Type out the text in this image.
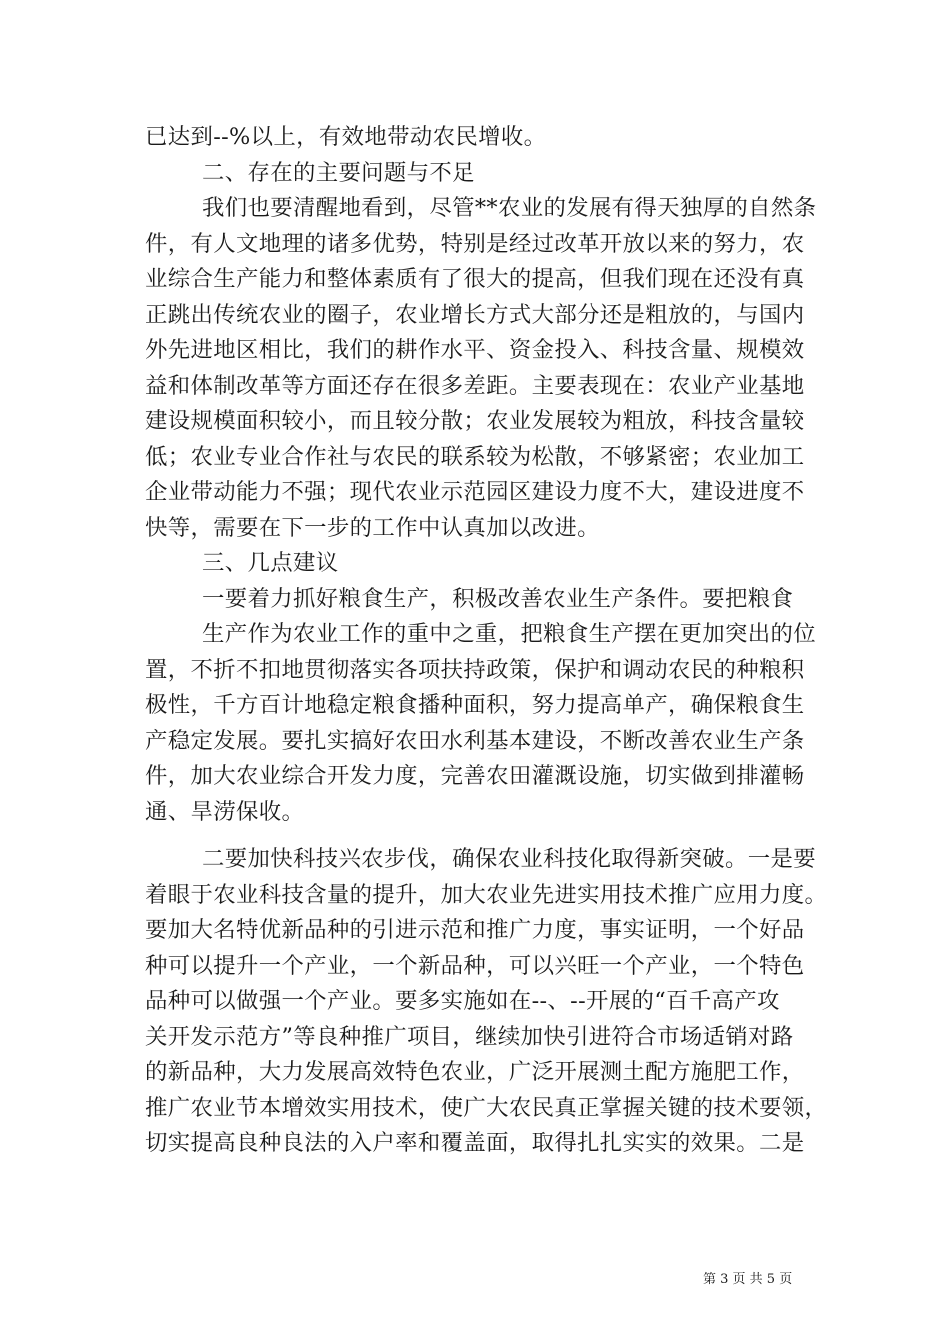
已达到--%以上，有效地带动农民增收。
二、存在的主要问题与不足
我们也要清醒地看到，尽管**农业的发展有得天独厚的自然条
件，有人文地理的诸多优势，特别是经过改革开放以来的努力，农
业综合生产能力和整体素质有了很大的提高，但我们现在还没有真
正跳出传统农业的圈子，农业增长方式大部分还是粗放的，与国内
外先进地区相比，我们的耕作水平、资金投入、科技含量、规模效
益和体制改革等方面还存在很多差距。主要表现在：农业产业基地
建设规模面积较小，而且较分散；农业发展较为粗放，科技含量较
低；农业专业合作社与农民的联系较为松散，不够紧密；农业加工
企业带动能力不强；现代农业示范园区建设力度不大，建设进度不
快等，需要在下一步的工作中认真加以改进。
三、几点建议
一要着力抓好粮食生产，积极改善农业生产条件。要把粮食
生产作为农业工作的重中之重，把粮食生产摆在更加突出的位
置，不折不扣地贯彻落实各项扶持政策，保护和调动农民的种粮积
极性，千方百计地稳定粮食播种面积，努力提高单产，确保粮食生
产稳定发展。要扎实搞好农田水利基本建设，不断改善农业生产条
件，加大农业综合开发力度，完善农田灌溉设施，切实做到排灌畅
通、旱涝保收。
二要加快科技兴农步伐，确保农业科技化取得新突破。一是要
着眼于农业科技含量的提升，加大农业先进实用技术推广应用力度。
要加大名特优新品种的引进示范和推广力度，事实证明，一个好品
种可以提升一个产业，一个新品种，可以兴旺一个产业，一个特色
品种可以做强一个产业。要多实施如在--、--开展的“百千高产攻
关开发示范方”等良种推广项目，继续加快引进符合市场适销对路
的新品种，大力发展高效特色农业，广泛开展测土配方施肥工作，
推广农业节本增效实用技术，使广大农民真正掌握关键的技术要领，
切实提高良种良法的入户率和覆盖面，取得扎扎实实的效果。二是
第 3 页 共 5 页
